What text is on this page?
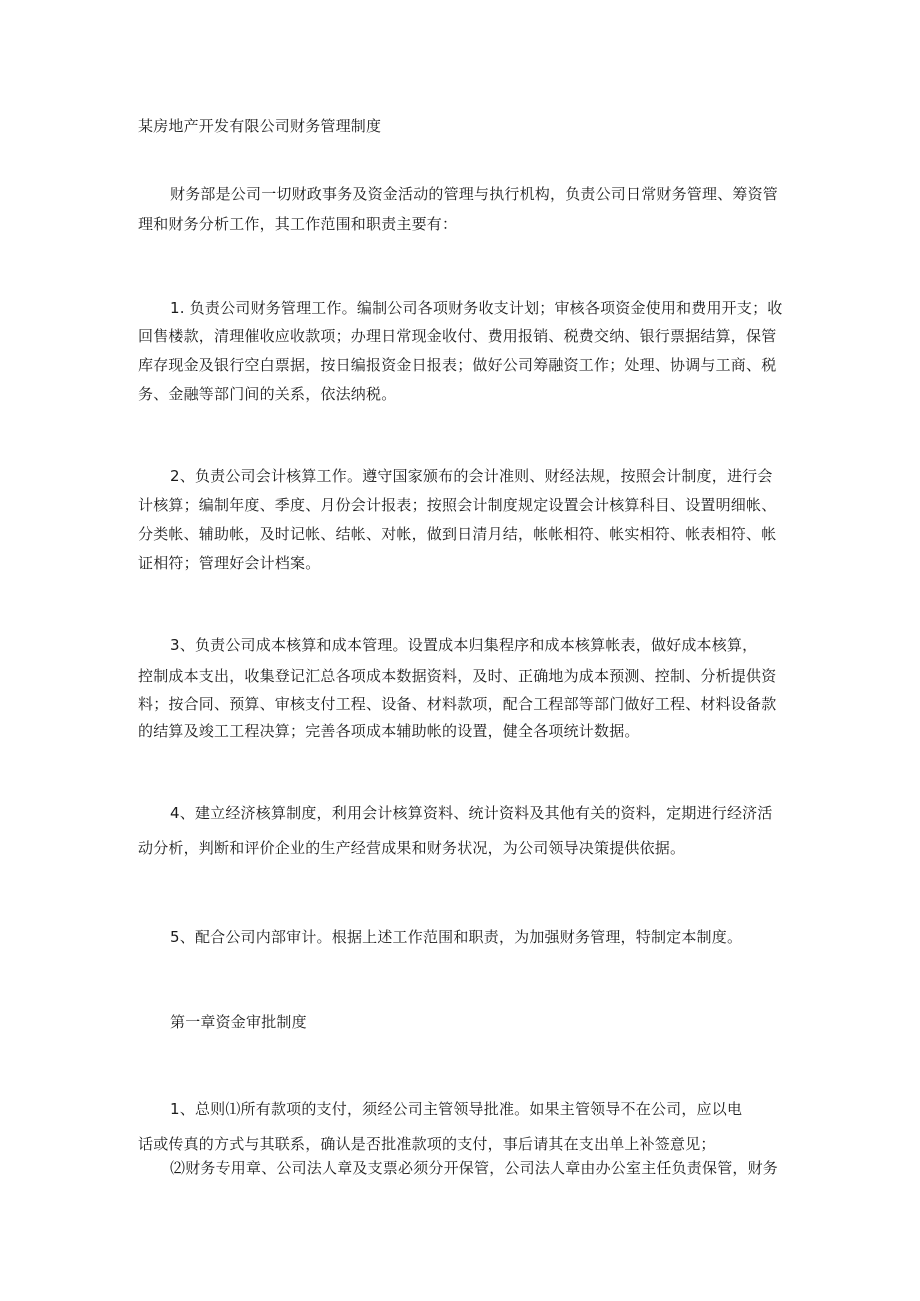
某房地产开发有限公司财务管理制度
财务部是公司一切财政事务及资金活动的管理与执行机构，负责公司日常财务管理、筹资管
理和财务分析工作，其工作范围和职责主要有：
1. 负责公司财务管理工作。编制公司各项财务收支计划；审核各项资金使用和费用开支；收
回售楼款，清理催收应收款项；办理日常现金收付、费用报销、税费交纳、银行票据结算，保管
库存现金及银行空白票据，按日编报资金日报表；做好公司筹融资工作；处理、协调与工商、税
务、金融等部门间的关系，依法纳税。
2、负责公司会计核算工作。遵守国家颁布的会计准则、财经法规，按照会计制度，进行会
计核算；编制年度、季度、月份会计报表；按照会计制度规定设置会计核算科目、设置明细帐、
分类帐、辅助帐，及时记帐、结帐、对帐，做到日清月结，帐帐相符、帐实相符、帐表相符、帐
证相符；管理好会计档案。
3、负责公司成本核算和成本管理。设置成本归集程序和成本核算帐表，做好成本核算，
控制成本支出，收集登记汇总各项成本数据资料，及时、正确地为成本预测、控制、分析提供资
料；按合同、预算、审核支付工程、设备、材料款项，配合工程部等部门做好工程、材料设备款
的结算及竣工工程决算；完善各项成本辅助帐的设置，健全各项统计数据。
4、建立经济核算制度，利用会计核算资料、统计资料及其他有关的资料，定期进行经济活
动分析，判断和评价企业的生产经营成果和财务状况，为公司领导决策提供依据。
5、配合公司内部审计。根据上述工作范围和职责，为加强财务管理，特制定本制度。
第一章资金审批制度
1、总则⑴所有款项的支付，须经公司主管领导批准。如果主管领导不在公司，应以电
话或传真的方式与其联系，确认是否批准款项的支付，事后请其在支出单上补签意见；
⑵财务专用章、公司法人章及支票必须分开保管，公司法人章由办公室主任负责保管，财务
